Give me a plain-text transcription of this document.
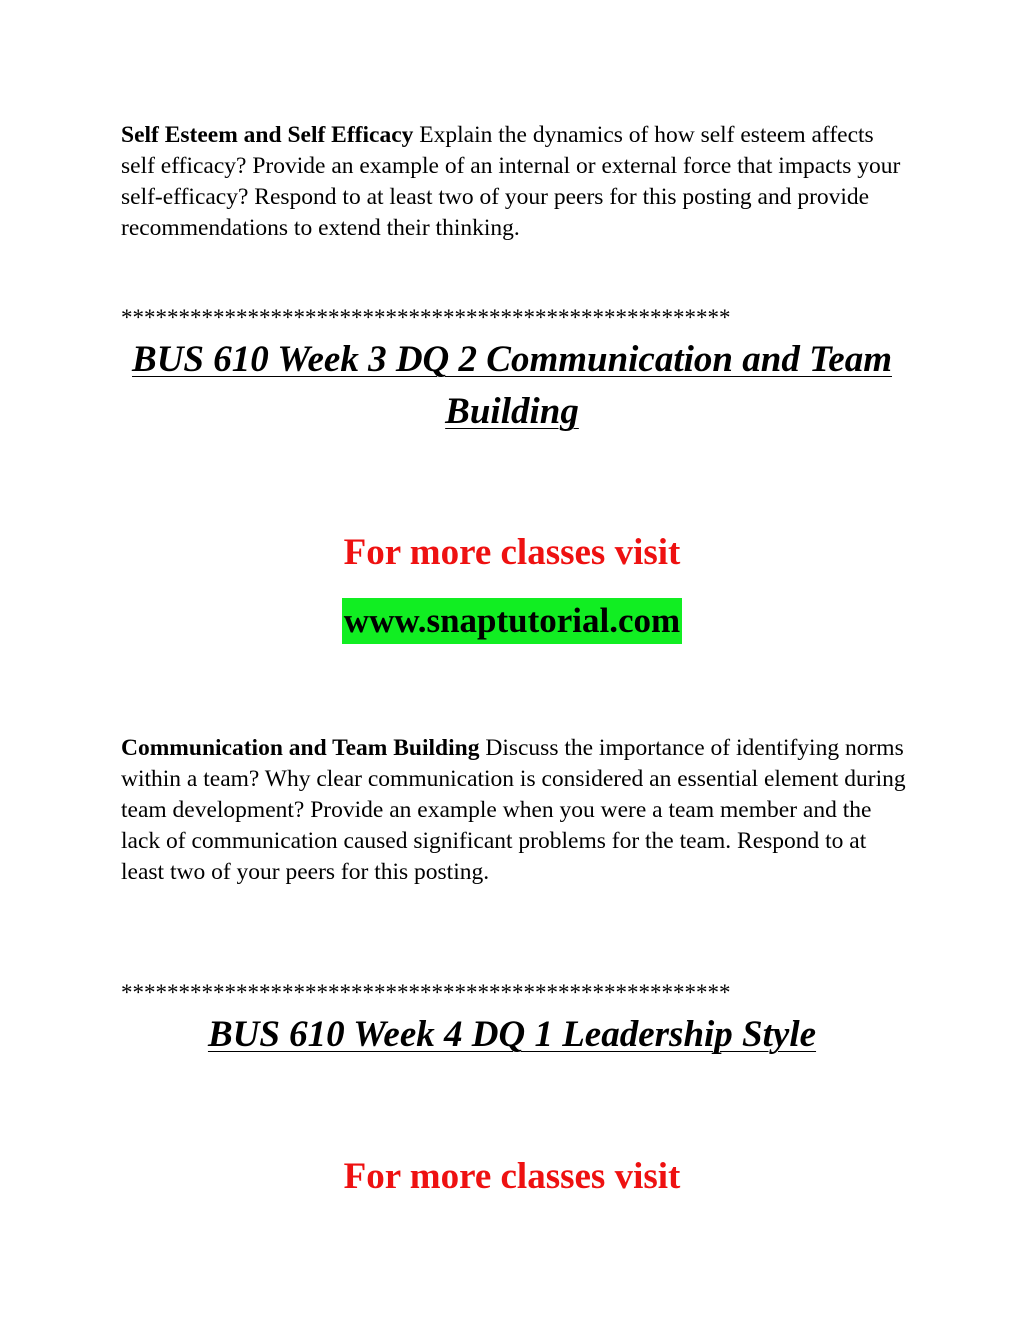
Self Esteem and Self Efficacy Explain the dynamics of how self esteem affects self efficacy? Provide an example of an internal or external force that impacts your self-efficacy? Respond to at least two of your peers for this posting and provide recommendations to extend their thinking.

*****************************************************

BUS 610 Week 3 DQ 2 Communication and Team Building

For more classes visit

www.snaptutorial.com

Communication and Team Building Discuss the importance of identifying norms within a team? Why clear communication is considered an essential element during team development? Provide an example when you were a team member and the lack of communication caused significant problems for the team. Respond to at least two of your peers for this posting.

*****************************************************

BUS 610 Week 4 DQ 1 Leadership Style

For more classes visit
